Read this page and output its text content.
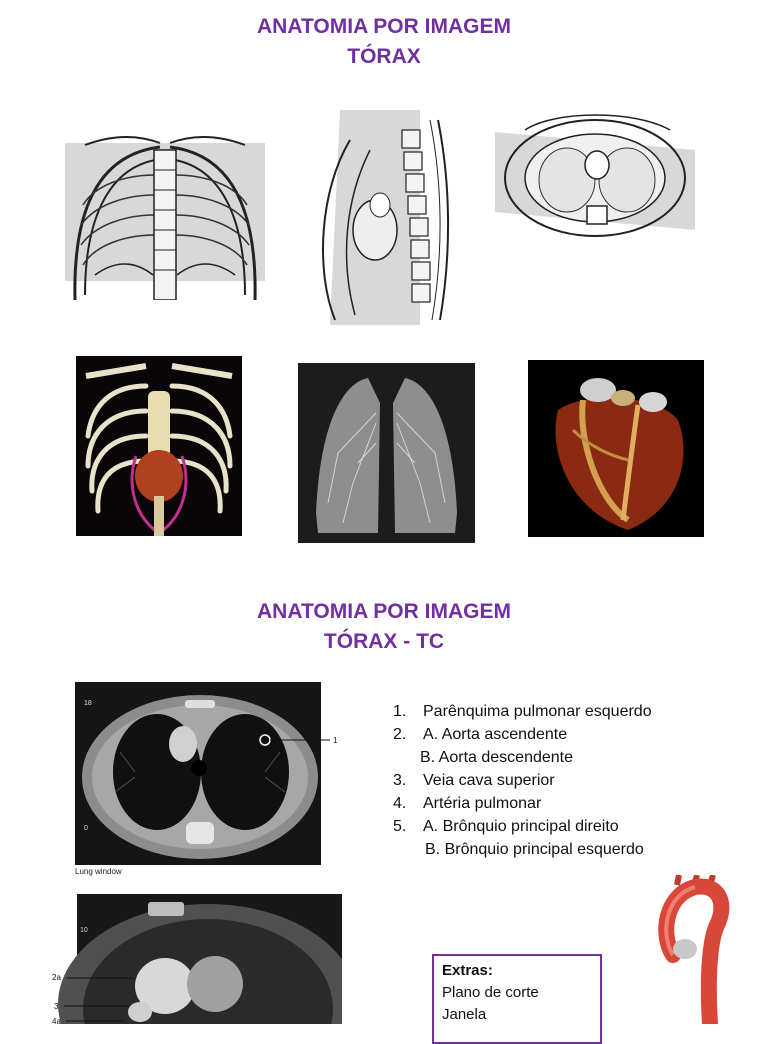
ANATOMIA POR IMAGEM
TÓRAX
ANATOMIA POR IMAGEM
TÓRAX - TC
18
0
1
Lung window
10
2a
3
4a
1. Parênquima pulmonar esquerdo
2. A. Aorta ascendente
B. Aorta descendente
3. Veia cava superior
4. Artéria pulmonar
5. A. Brônquio principal direito
B. Brônquio principal esquerdo
Extras:
Plano de corte
Janela
